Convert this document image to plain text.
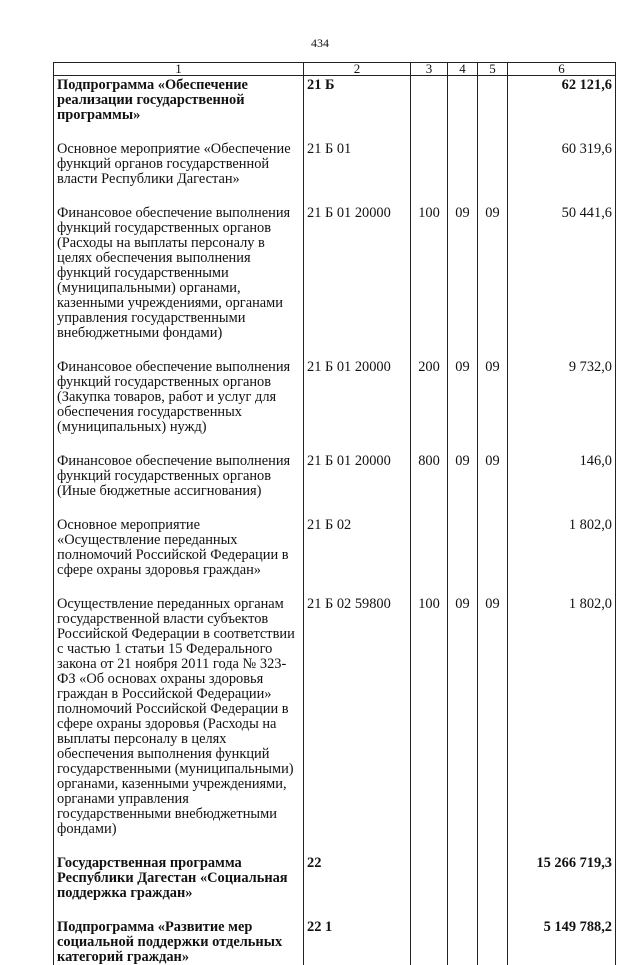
434
1	2	3	4	5	6
Подпрограмма «Обеспечение реализации государственной программы»	21 Б				62 121,6
Основное мероприятие «Обеспечение функций органов государственной власти Республики Дагестан»	21 Б 01				60 319,6
Финансовое обеспечение выполнения функций государственных органов (Расходы на выплаты персоналу в целях обеспечения выполнения функций государственными (муниципальными) органами, казенными учреждениями, органами управления государственными внебюджетными фондами)	21 Б 01 20000	100	09	09	50 441,6
Финансовое обеспечение выполнения функций государственных органов (Закупка товаров, работ и услуг для обеспечения государственных (муниципальных) нужд)	21 Б 01 20000	200	09	09	9 732,0
Финансовое обеспечение выполнения функций государственных органов (Иные бюджетные ассигнования)	21 Б 01 20000	800	09	09	146,0
Основное мероприятие «Осуществление переданных полномочий Российской Федерации в сфере охраны здоровья граждан»	21 Б 02				1 802,0
Осуществление переданных органам государственной власти субъектов Российской Федерации в соответствии с частью 1 статьи 15 Федерального закона от 21 ноября 2011 года № 323-ФЗ «Об основах охраны здоровья граждан в Российской Федерации» полномочий Российской Федерации в сфере охраны здоровья (Расходы на выплаты персоналу в целях обеспечения выполнения функций государственными (муниципальными) органами, казенными учреждениями, органами управления государственными внебюджетными фондами)	21 Б 02 59800	100	09	09	1 802,0
Государственная программа Республики Дагестан «Социальная поддержка граждан»	22				15 266 719,3
Подпрограмма «Развитие мер социальной поддержки отдельных категорий граждан»	22 1				5 149 788,2
